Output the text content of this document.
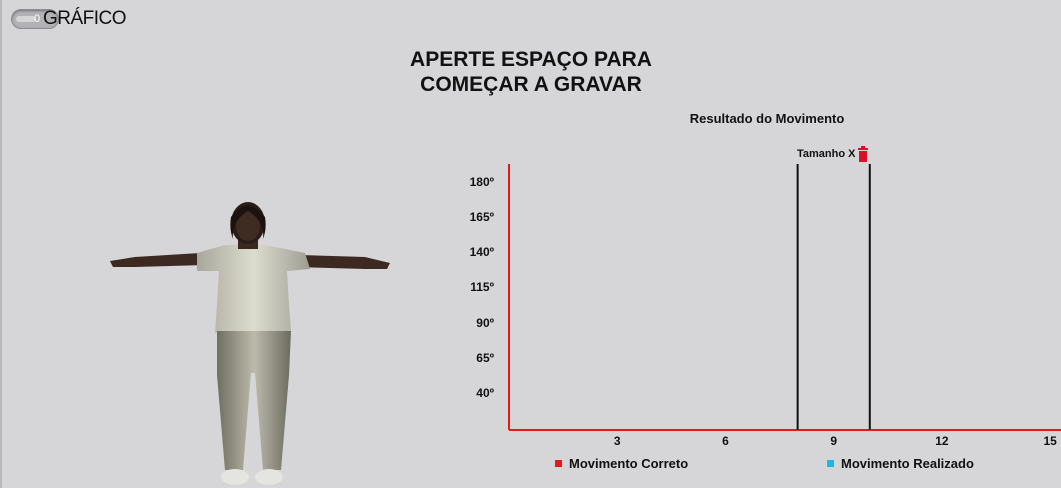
0 GRÁFICO
APERTE ESPAÇO PARA
COMEÇAR A GRAVAR
Resultado do Movimento
180º
165º
140º
115º
90º
65º
40º
3	6	9	12	15
Tamanho X
Movimento Correto	Movimento Realizado
